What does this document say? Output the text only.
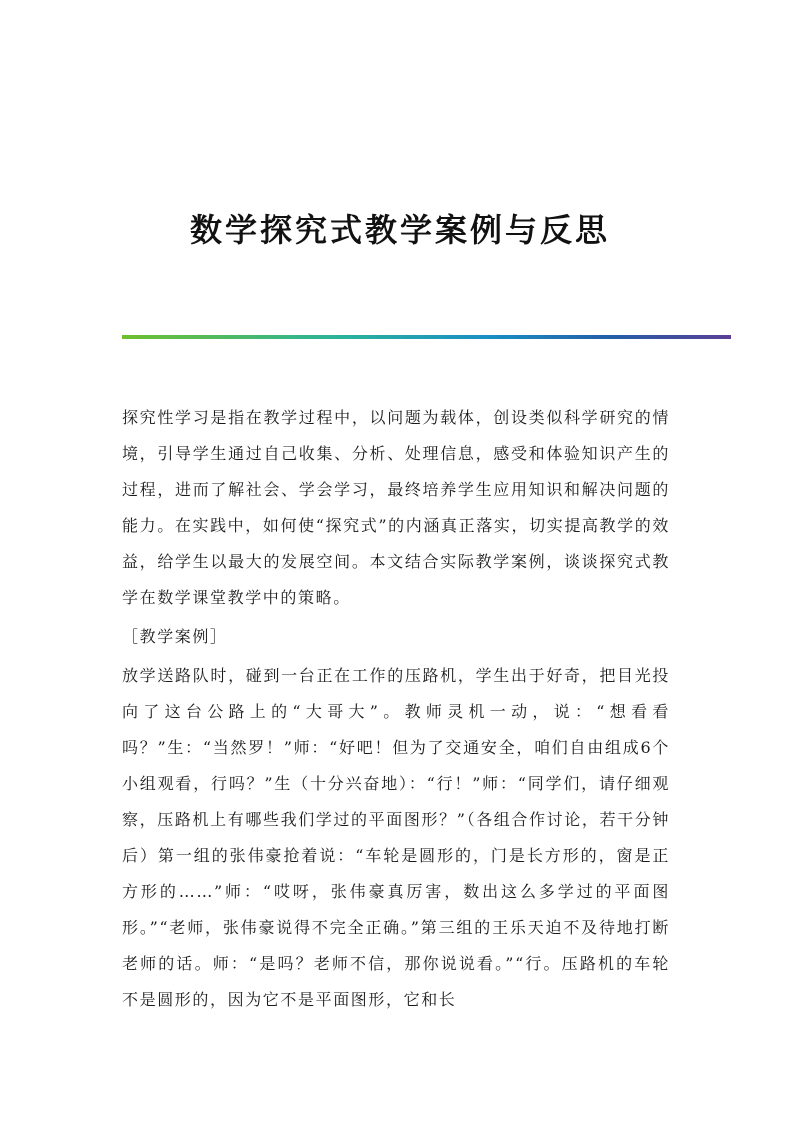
数学探究式教学案例与反思

探究性学习是指在教学过程中，以问题为载体，创设类似科学研究的情境，引导学生通过自己收集、分析、处理信息，感受和体验知识产生的过程，进而了解社会、学会学习，最终培养学生应用知识和解决问题的能力。在实践中，如何使“探究式”的内涵真正落实，切实提高教学的效益，给学生以最大的发展空间。本文结合实际教学案例，谈谈探究式教学在数学课堂教学中的策略。

［教学案例］

放学送路队时，碰到一台正在工作的压路机，学生出于好奇，把目光投向了这台公路上的“大哥大”。教师灵机一动，说：“想看看吗？”生：“当然罗！”师：“好吧！但为了交通安全，咱们自由组成6个小组观看，行吗？”生（十分兴奋地）：“行！”师：“同学们，请仔细观察，压路机上有哪些我们学过的平面图形？”（各组合作讨论，若干分钟后）第一组的张伟豪抢着说：“车轮是圆形的，门是长方形的，窗是正方形的……”师：“哎呀，张伟豪真厉害，数出这么多学过的平面图形。”“老师，张伟豪说得不完全正确。”第三组的王乐天迫不及待地打断老师的话。师：“是吗？老师不信，那你说说看。”“行。压路机的车轮不是圆形的，因为它不是平面图形，它和长
